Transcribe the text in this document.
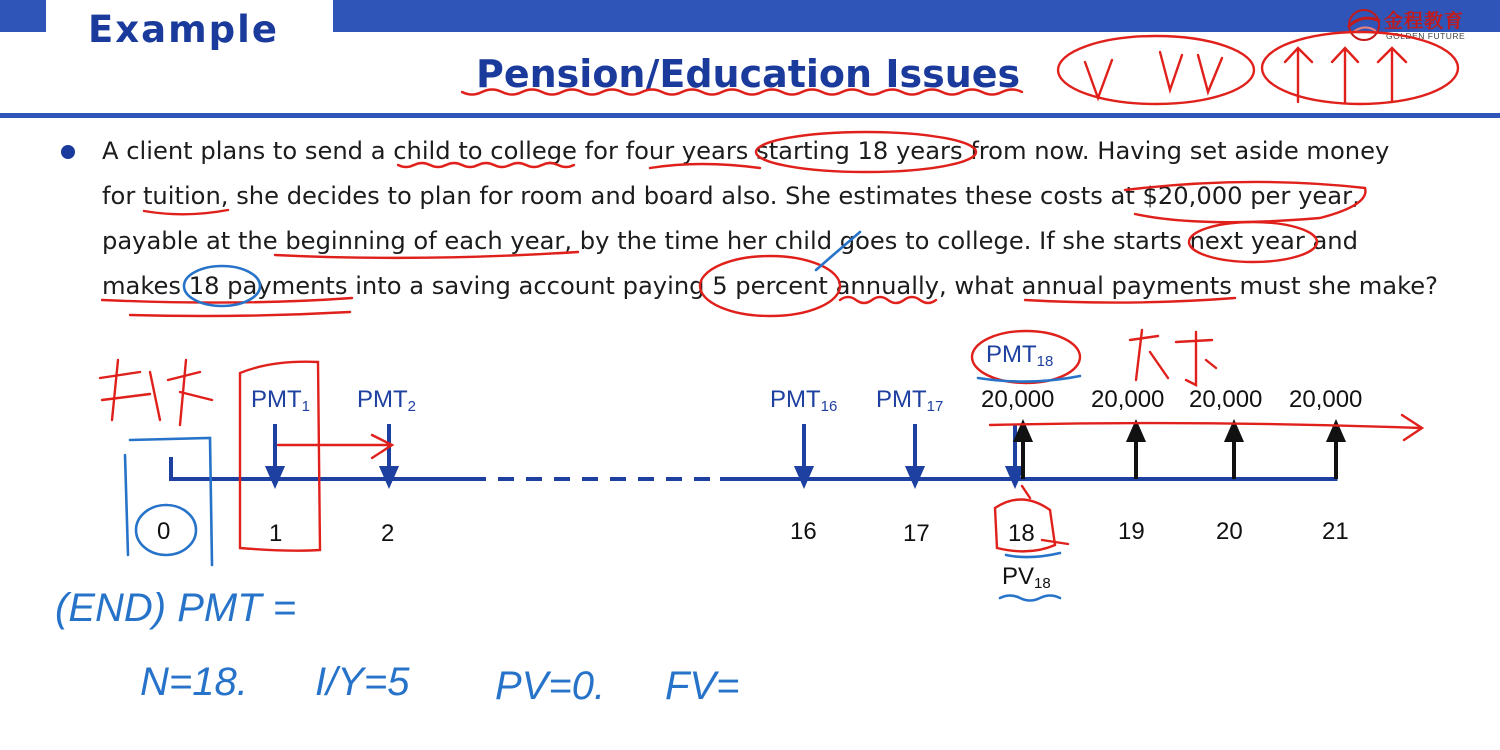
Example
Pension/Education Issues
金程教育
GOLDEN FUTURE
A client plans to send a child to college for four years starting 18 years from now. Having set aside money
for tuition, she decides to plan for room and board also. She estimates these costs at $20,000 per year,
payable at the beginning of each year, by the time her child goes to college. If she starts next year and
makes 18 payments into a saving account paying 5 percent annually, what annual payments must she make?
$PMT_1$ $PMT_2$	$PMT_{16}$ $PMT_{17}$
$PMT_{18}$
20,000 20,000 20,000 20,000
0	1	2	16	17	18	19	20	21
$PV_{18}$
(END) PMT =
N=18. I/Y=5 PV=0. FV=
